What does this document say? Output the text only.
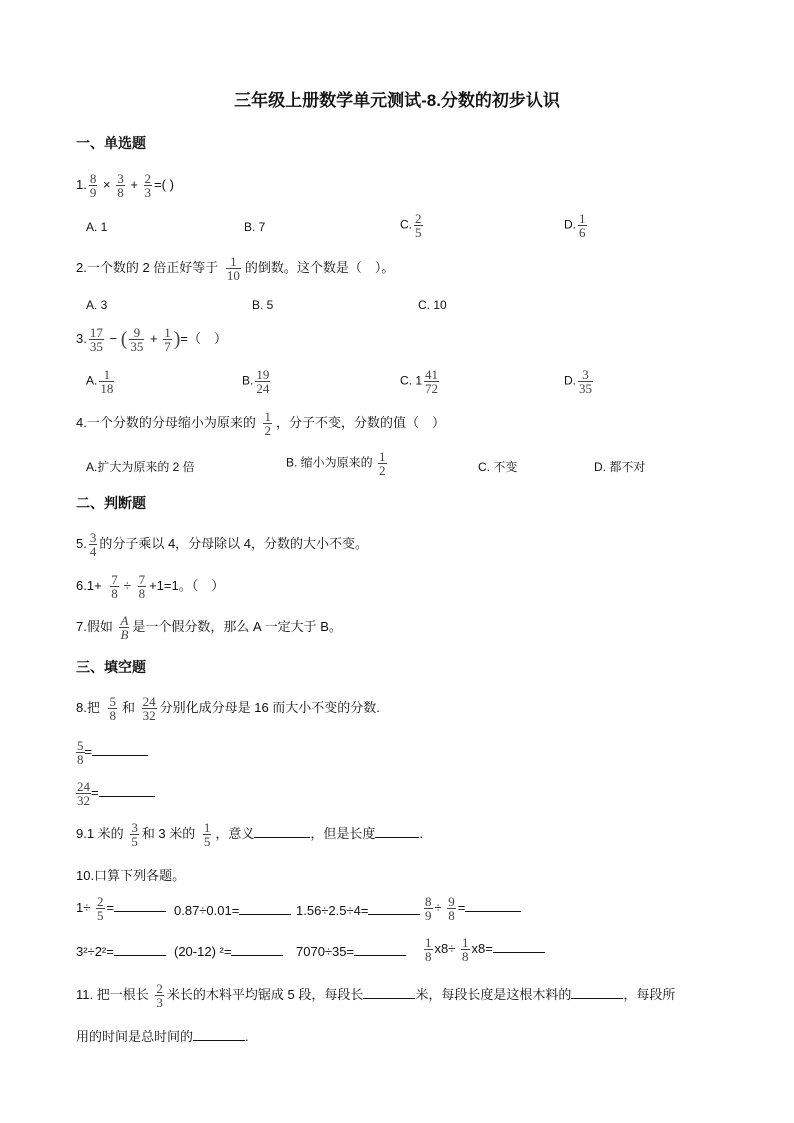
三年级上册数学单元测试-8.分数的初步认识
一、单选题
1. $\frac{8}{9} \times \frac{3}{8} + \frac{2}{3}$ =( )
A. 1	B. 7	C. $\frac{2}{5}$	D. $\frac{1}{6}$
2.一个数的 2 倍正好等于 $\frac{1}{10}$ 的倒数。这个数是（　）。
A. 3	B. 5	C. 10
3. $\frac{17}{35}$ − ( $\frac{9}{35} + \frac{1}{7}$ )=（　）
A. $\frac{1}{18}$	B. $\frac{19}{24}$	C. $1 \frac{41}{72}$	D. $\frac{3}{35}$
4.一个分数的分母缩小为原来的 $\frac{1}{2}$ ，分子不变，分数的值（　）
A.扩大为原来的 2 倍	B. 缩小为原来的 $\frac{1}{2}$	C. 不变	D. 都不对
二、判断题
5. $\frac{3}{4}$ 的分子乘以 4，分母除以 4，分数的大小不变。
$6.1+ \frac{7}{8} \div \frac{7}{8} +1=1$。（　）
7.假如 $\frac{A}{B}$ 是一个假分数，那么 A 一定大于 B。
三、填空题
8.把 $\frac{5}{8}$ 和 $\frac{24}{32}$ 分别化成分母是 16 而大小不变的分数.
$\frac{5}{8}$ =
$\frac{24}{32}$ =
9.1 米的 $\frac{3}{5}$ 和 3 米的 $\frac{1}{5}$ ，意义	，但是长度	.
10.口算下列各题。
$1\div \frac{2}{5}$ =	0.87÷0.01=	1.56÷2.5÷4=	$\frac{8}{9} \div \frac{9}{8}$ =
3²÷2²=	(20-12) ²=	7070÷35=	$\frac{1}{8} x8\div \frac{1}{8} x8=$
11. 把一根长 $\frac{2}{3}$ 米长的木料平均锯成 5 段，每段长	米，每段长度是这根木料的	，每段所
用的时间是总时间的	.
